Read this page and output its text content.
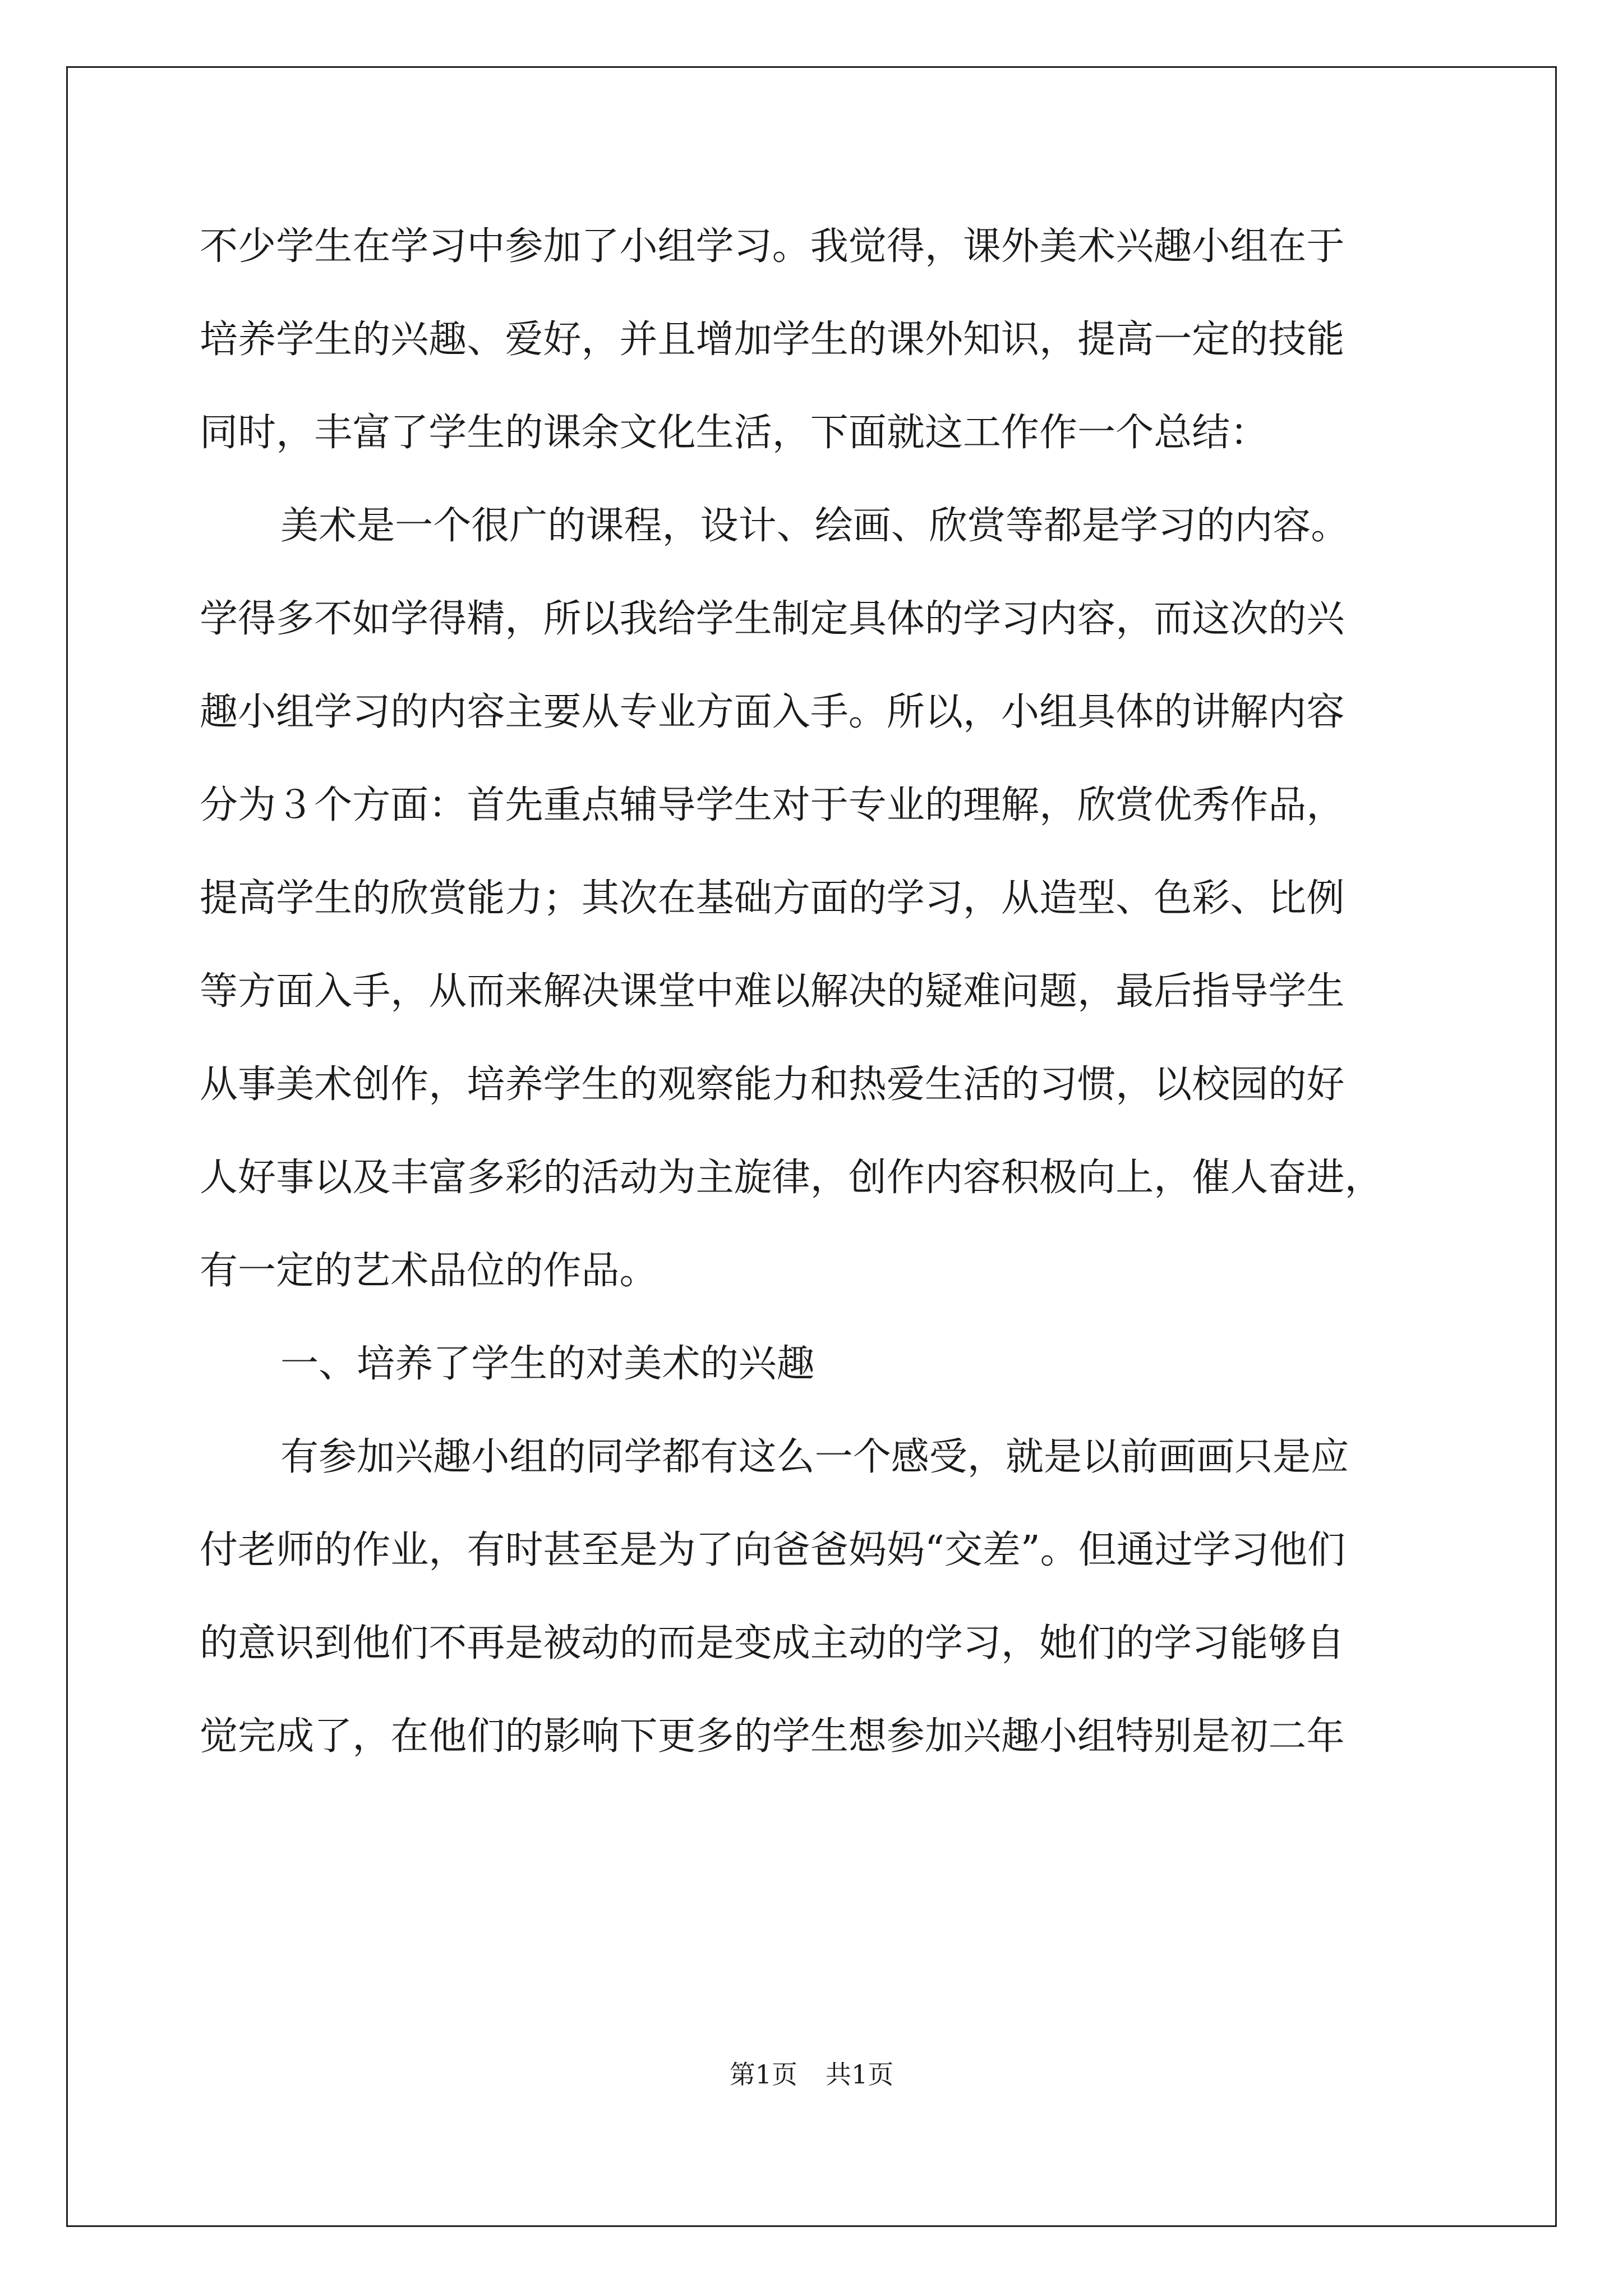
不少学生在学习中参加了小组学习。我觉得，课外美术兴趣小组在于
培养学生的兴趣、爱好，并且增加学生的课外知识，提高一定的技能
同时，丰富了学生的课余文化生活，下面就这工作作一个总结：
美术是一个很广的课程，设计、绘画、欣赏等都是学习的内容。
学得多不如学得精，所以我给学生制定具体的学习内容，而这次的兴
趣小组学习的内容主要从专业方面入手。所以，小组具体的讲解内容
分为３个方面：首先重点辅导学生对于专业的理解，欣赏优秀作品，
提高学生的欣赏能力；其次在基础方面的学习，从造型、色彩、比例
等方面入手，从而来解决课堂中难以解决的疑难问题，最后指导学生
从事美术创作，培养学生的观察能力和热爱生活的习惯，以校园的好
人好事以及丰富多彩的活动为主旋律，创作内容积极向上，催人奋进，
有一定的艺术品位的作品。
一、培养了学生的对美术的兴趣
有参加兴趣小组的同学都有这么一个感受，就是以前画画只是应
付老师的作业，有时甚至是为了向爸爸妈妈“交差”。但通过学习他们
的意识到他们不再是被动的而是变成主动的学习，她们的学习能够自
觉完成了，在他们的影响下更多的学生想参加兴趣小组特别是初二年
第1页 共1页
